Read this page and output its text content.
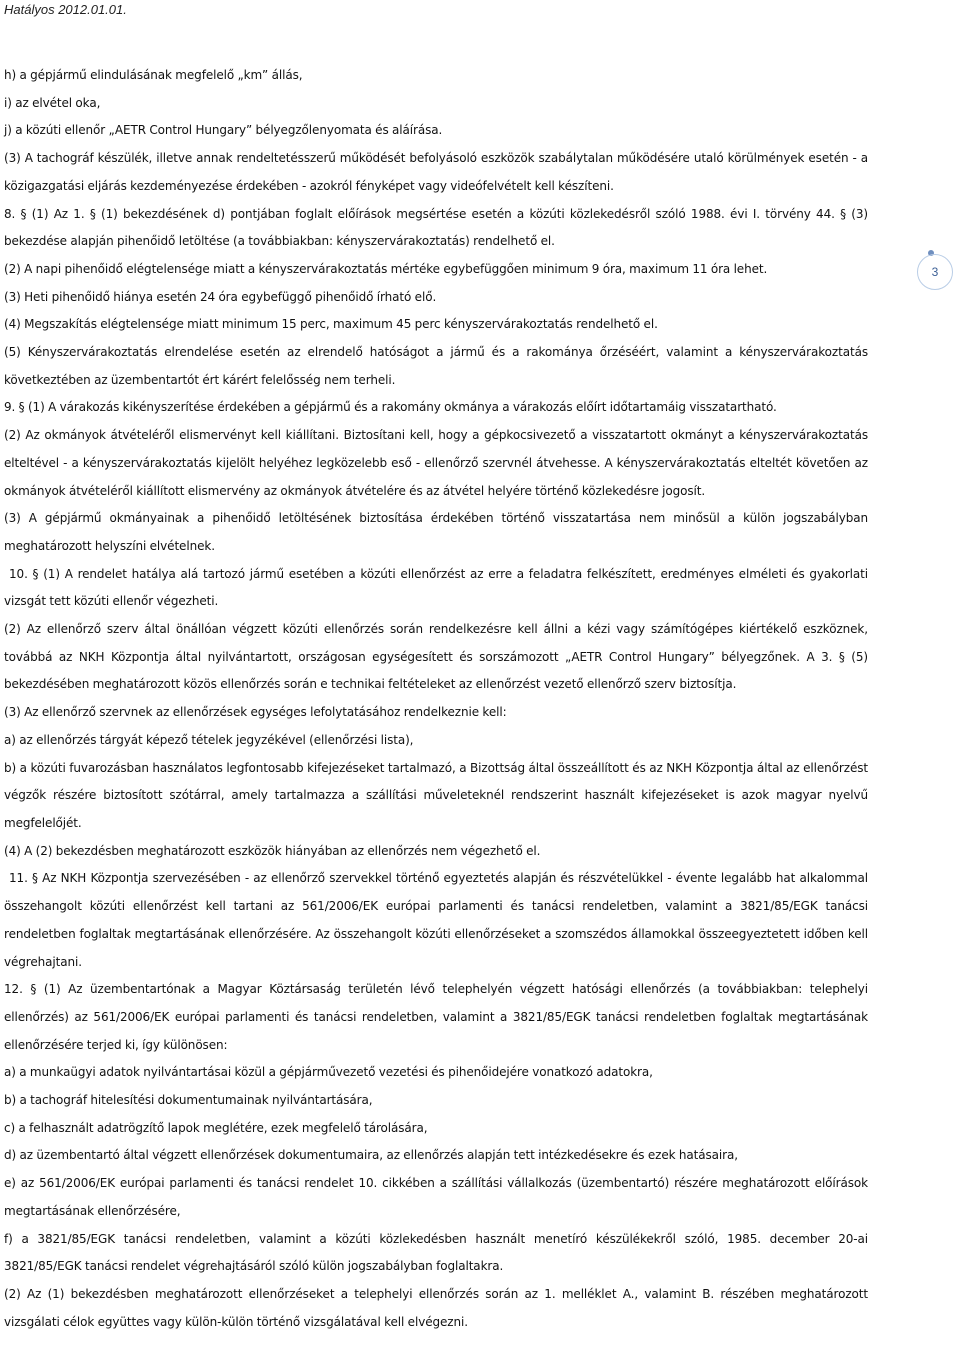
Hatályos 2012.01.01.
3

h) a gépjármű elindulásának megfelelő „km” állás,

i) az elvétel oka,

j) a közúti ellenőr „AETR Control Hungary” bélyegzőlenyomata és aláírása.

(3) A tachográf készülék, illetve annak rendeltetésszerű működését befolyásoló eszközök szabálytalan működésére utaló körülmények esetén - a közigazgatási eljárás kezdeményezése érdekében - azokról fényképet vagy videófelvételt kell készíteni.

8. § (1) Az 1. § (1) bekezdésének d) pontjában foglalt előírások megsértése esetén a közúti közlekedésről szóló 1988. évi I. törvény 44. § (3) bekezdése alapján pihenőidő letöltése (a továbbiakban: kényszervárakoztatás) rendelhető el.

(2) A napi pihenőidő elégtelensége miatt a kényszervárakoztatás mértéke egybefüggően minimum 9 óra, maximum 11 óra lehet.

(3) Heti pihenőidő hiánya esetén 24 óra egybefüggő pihenőidő írható elő.

(4) Megszakítás elégtelensége miatt minimum 15 perc, maximum 45 perc kényszervárakoztatás rendelhető el.

(5) Kényszervárakoztatás elrendelése esetén az elrendelő hatóságot a jármű és a rakománya őrzéséért, valamint a kényszervárakoztatás következtében az üzembentartót ért kárért felelősség nem terheli.

9. § (1) A várakozás kikényszerítése érdekében a gépjármű és a rakomány okmánya a várakozás előírt időtartamáig visszatartható.

(2) Az okmányok átvételéről elismervényt kell kiállítani. Biztosítani kell, hogy a gépkocsivezető a visszatartott okmányt a kényszervárakoztatás elteltével - a kényszervárakoztatás kijelölt helyéhez legközelebb eső - ellenőrző szervnél átvehesse. A kényszervárakoztatás elteltét követően az okmányok átvételéről kiállított elismervény az okmányok átvételére és az átvétel helyére történő közlekedésre jogosít.

(3) A gépjármű okmányainak a pihenőidő letöltésének biztosítása érdekében történő visszatartása nem minősül a külön jogszabályban meghatározott helyszíni elvételnek.

10. § (1) A rendelet hatálya alá tartozó jármű esetében a közúti ellenőrzést az erre a feladatra felkészített, eredményes elméleti és gyakorlati vizsgát tett közúti ellenőr végezheti.

(2) Az ellenőrző szerv által önállóan végzett közúti ellenőrzés során rendelkezésre kell állni a kézi vagy számítógépes kiértékelő eszköznek, továbbá az NKH Központja által nyilvántartott, országosan egységesített és sorszámozott „AETR Control Hungary” bélyegzőnek. A 3. § (5) bekezdésében meghatározott közös ellenőrzés során e technikai feltételeket az ellenőrzést vezető ellenőrző szerv biztosítja.

(3) Az ellenőrző szervnek az ellenőrzések egységes lefolytatásához rendelkeznie kell:

a) az ellenőrzés tárgyát képező tételek jegyzékével (ellenőrzési lista),

b) a közúti fuvarozásban használatos legfontosabb kifejezéseket tartalmazó, a Bizottság által összeállított és az NKH Központja által az ellenőrzést végzők részére biztosított szótárral, amely tartalmazza a szállítási műveleteknél rendszerint használt kifejezéseket is azok magyar nyelvű megfelelőjét.

(4) A (2) bekezdésben meghatározott eszközök hiányában az ellenőrzés nem végezhető el.

11. § Az NKH Központja szervezésében - az ellenőrző szervekkel történő egyeztetés alapján és részvételükkel - évente legalább hat alkalommal összehangolt közúti ellenőrzést kell tartani az 561/2006/EK európai parlamenti és tanácsi rendeletben, valamint a 3821/85/EGK tanácsi rendeletben foglaltak megtartásának ellenőrzésére. Az összehangolt közúti ellenőrzéseket a szomszédos államokkal összeegyeztetett időben kell végrehajtani.

12. § (1) Az üzembentartónak a Magyar Köztársaság területén lévő telephelyén végzett hatósági ellenőrzés (a továbbiakban: telephelyi ellenőrzés) az 561/2006/EK európai parlamenti és tanácsi rendeletben, valamint a 3821/85/EGK tanácsi rendeletben foglaltak megtartásának ellenőrzésére terjed ki, így különösen:

a) a munkaügyi adatok nyilvántartásai közül a gépjárművezető vezetési és pihenőidejére vonatkozó adatokra,

b) a tachográf hitelesítési dokumentumainak nyilvántartására,

c) a felhasznált adatrögzítő lapok meglétére, ezek megfelelő tárolására,

d) az üzembentartó által végzett ellenőrzések dokumentumaira, az ellenőrzés alapján tett intézkedésekre és ezek hatásaira,

e) az 561/2006/EK európai parlamenti és tanácsi rendelet 10. cikkében a szállítási vállalkozás (üzembentartó) részére meghatározott előírások megtartásának ellenőrzésére,

f) a 3821/85/EGK tanácsi rendeletben, valamint a közúti közlekedésben használt menetíró készülékekről szóló, 1985. december 20-ai 3821/85/EGK tanácsi rendelet végrehajtásáról szóló külön jogszabályban foglaltakra.

(2) Az (1) bekezdésben meghatározott ellenőrzéseket a telephelyi ellenőrzés során az 1. melléklet A., valamint B. részében meghatározott vizsgálati célok együttes vagy külön-külön történő vizsgálatával kell elvégezni.
